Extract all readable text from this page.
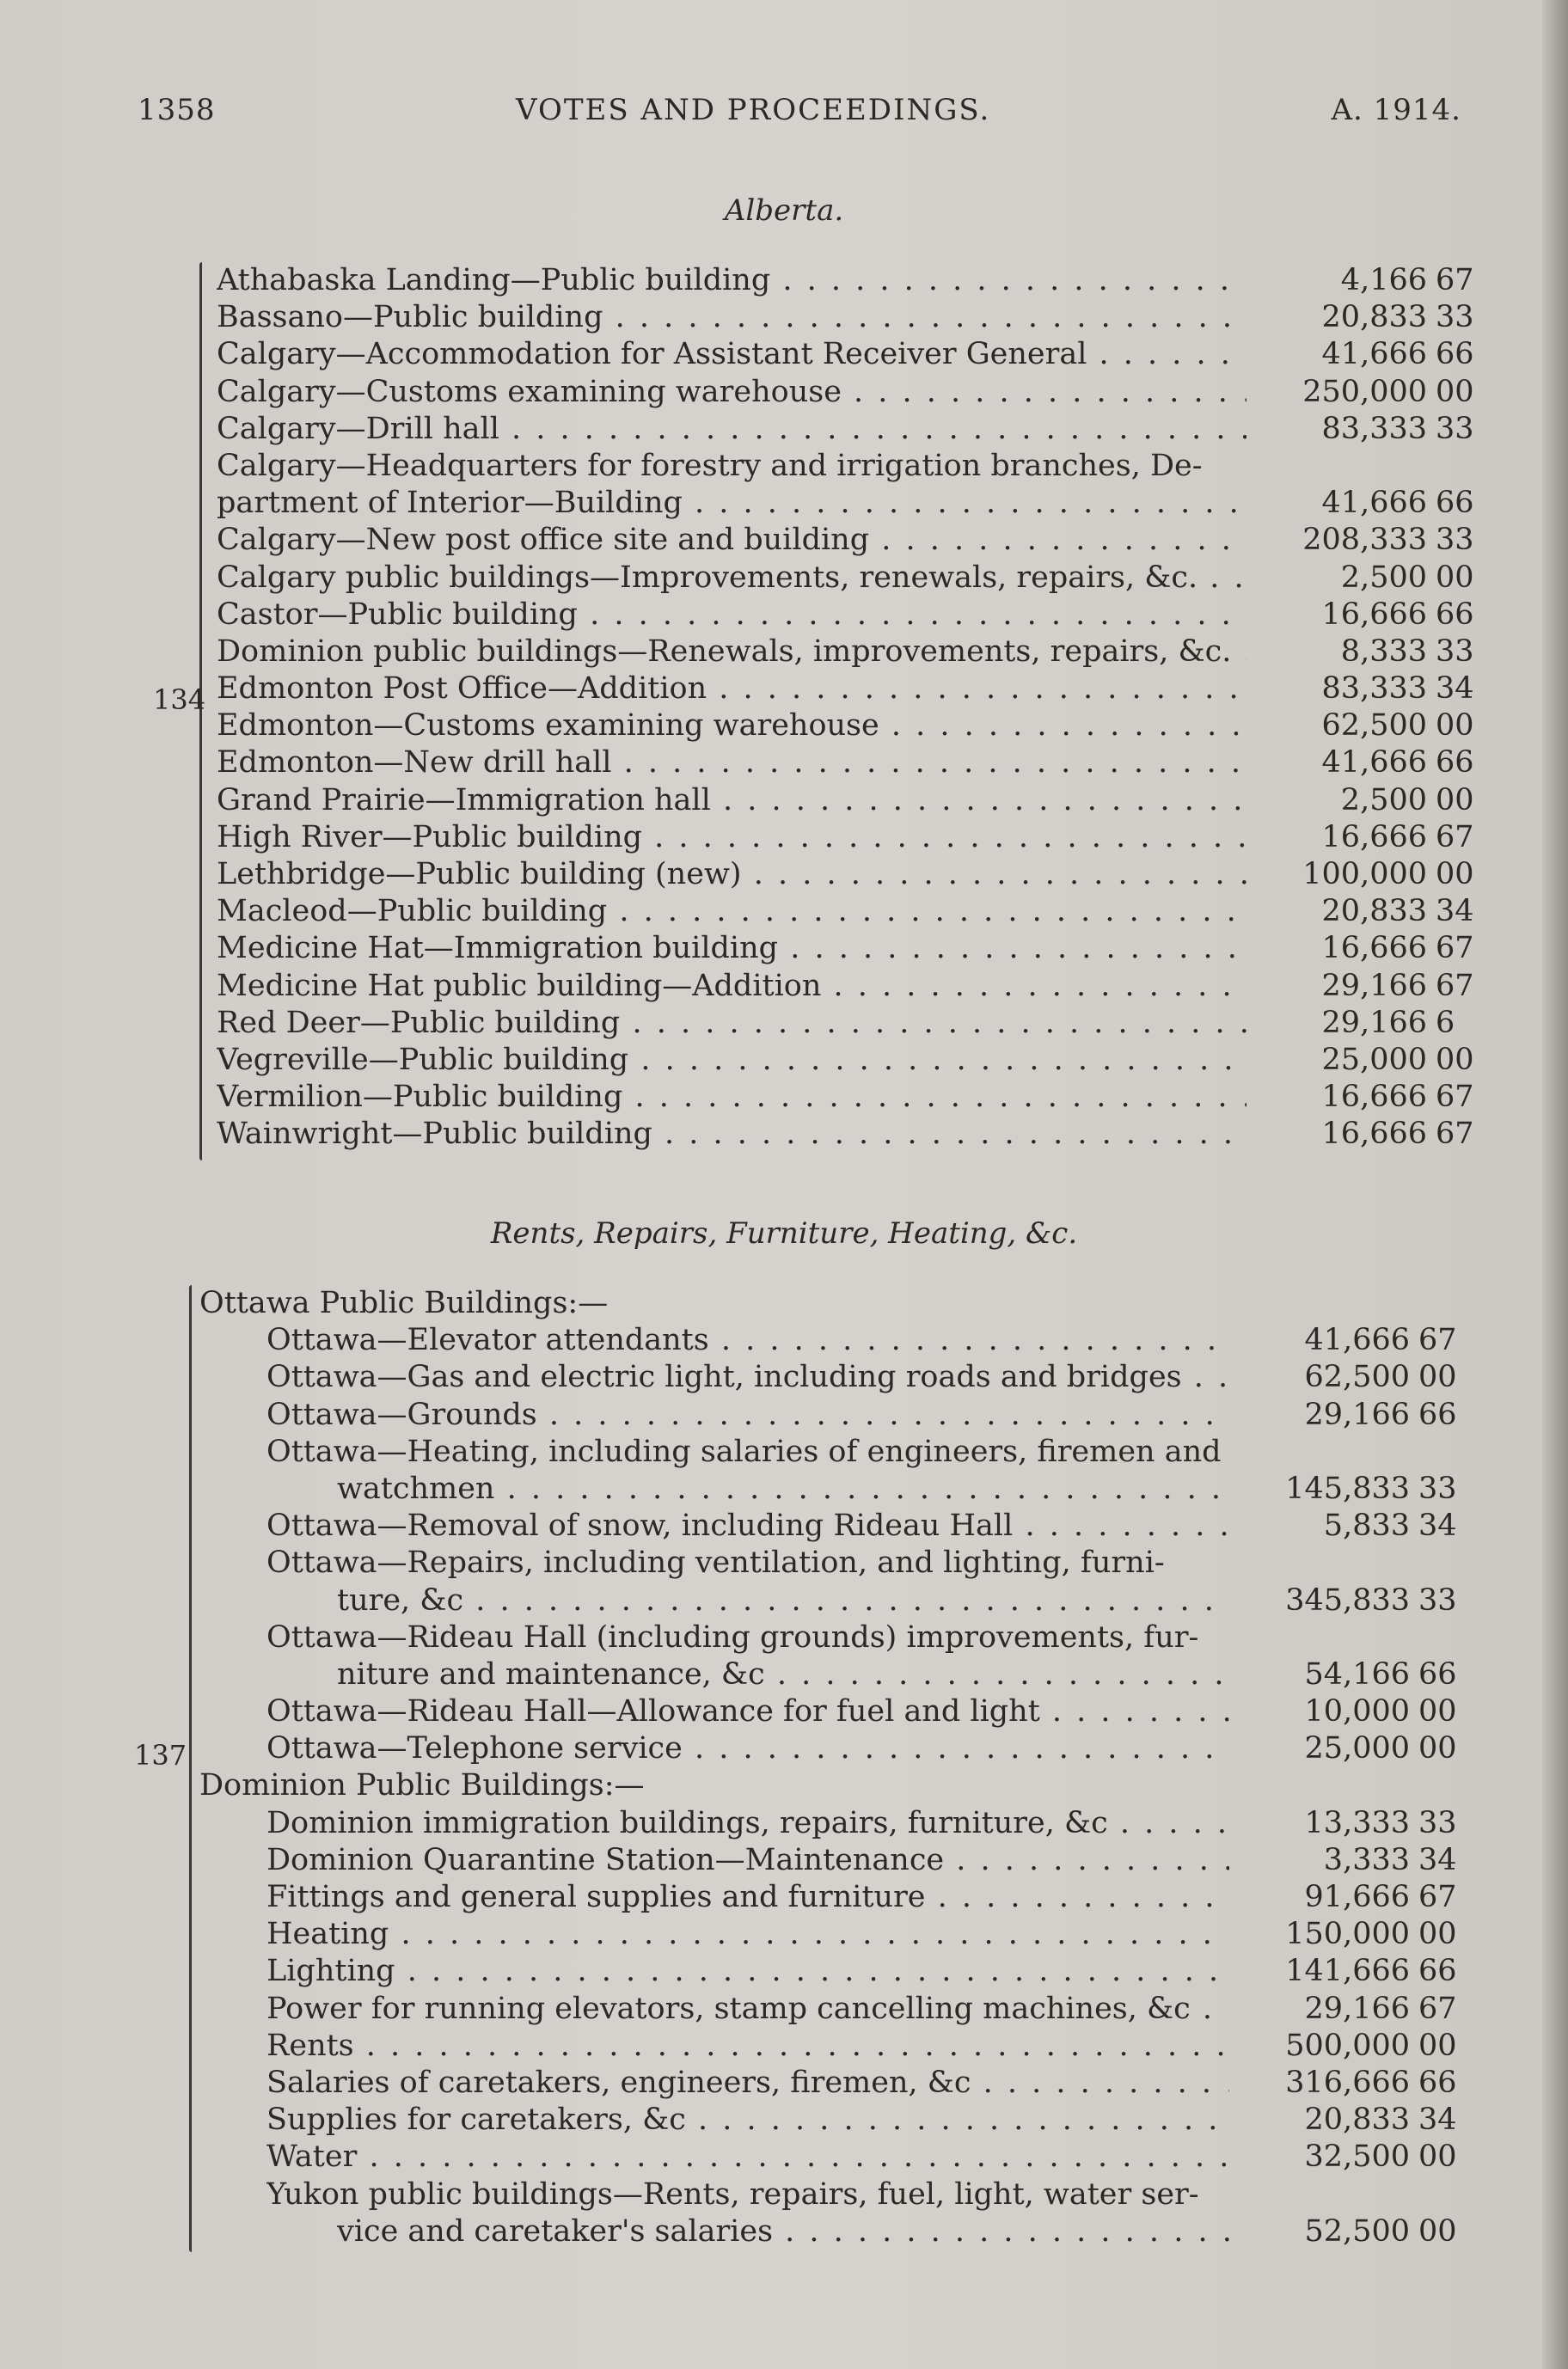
1358	VOTES AND PROCEEDINGS.	A. 1914.
Alberta.
134
Athabaska Landing—Public building . . .	4,166 67
Bassano—Public building . . .	20,833 33
Calgary—Accommodation for Assistant Receiver General . . .	41,666 66
Calgary—Customs examining warehouse . . .	250,000 00
Calgary—Drill hall . . .	83,333 33
Calgary—Headquarters for forestry and irrigation branches, De-
partment of Interior—Building . . .	41,666 66
Calgary—New post office site and building . . .	208,333 33
Calgary public buildings—Improvements, renewals, repairs, &c. . . .	2,500 00
Castor—Public building . . .	16,666 66
Dominion public buildings—Renewals, improvements, repairs, &c. . . .	8,333 33
Edmonton Post Office—Addition . . .	83,333 34
Edmonton—Customs examining warehouse . . .	62,500 00
Edmonton—New drill hall . . .	41,666 66
Grand Prairie—Immigration hall . . .	2,500 00
High River—Public building . . .	16,666 67
Lethbridge—Public building (new) . . .	100,000 00
Macleod—Public building . . .	20,833 34
Medicine Hat—Immigration building . . .	16,666 67
Medicine Hat public building—Addition . . .	29,166 67
Red Deer—Public building . . .	29,166 6
Vegreville—Public building . . .	25,000 00
Vermilion—Public building . . .	16,666 67
Wainwright—Public building . . .	16,666 67
Rents, Repairs, Furniture, Heating, &c.
137
Ottawa Public Buildings:—
Ottawa—Elevator attendants . . .	41,666 67
Ottawa—Gas and electric light, including roads and bridges . . .	62,500 00
Ottawa—Grounds . . .	29,166 66
Ottawa—Heating, including salaries of engineers, firemen and
watchmen . . .	145,833 33
Ottawa—Removal of snow, including Rideau Hall . . .	5,833 34
Ottawa—Repairs, including ventilation, and lighting, furni-
ture, &c . . .	345,833 33
Ottawa—Rideau Hall (including grounds) improvements, fur-
niture and maintenance, &c . . .	54,166 66
Ottawa—Rideau Hall—Allowance for fuel and light . . .	10,000 00
Ottawa—Telephone service . . .	25,000 00
Dominion Public Buildings:—
Dominion immigration buildings, repairs, furniture, &c . . .	13,333 33
Dominion Quarantine Station—Maintenance . . .	3,333 34
Fittings and general supplies and furniture . . .	91,666 67
Heating . . .	150,000 00
Lighting . . .	141,666 66
Power for running elevators, stamp cancelling machines, &c . . .	29,166 67
Rents . . .	500,000 00
Salaries of caretakers, engineers, firemen, &c . . .	316,666 66
Supplies for caretakers, &c . . .	20,833 34
Water . . .	32,500 00
Yukon public buildings—Rents, repairs, fuel, light, water ser-
vice and caretaker's salaries . . .	52,500 00
